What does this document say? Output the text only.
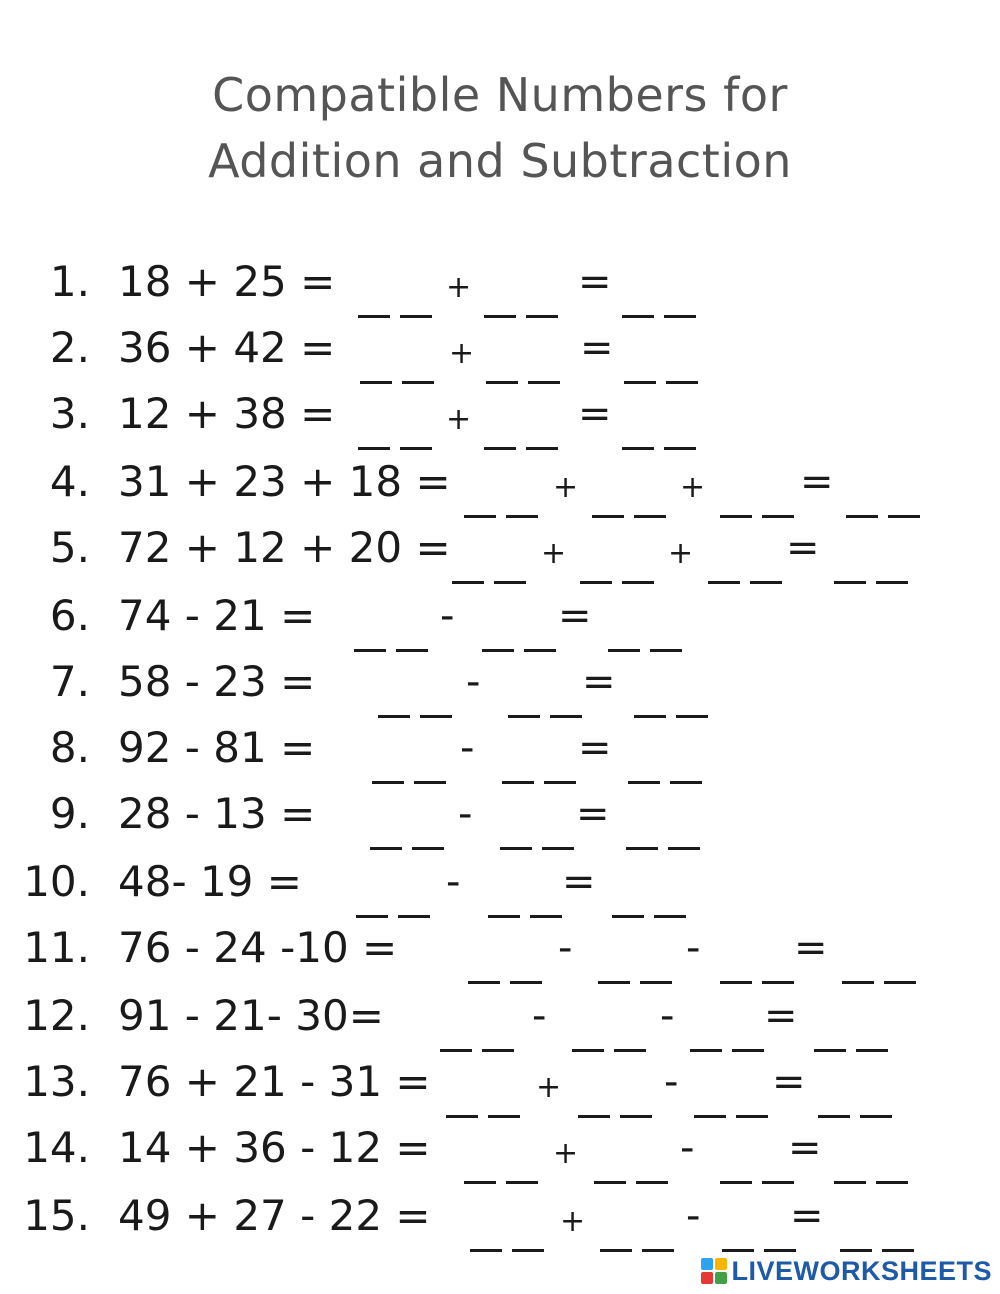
Compatible Numbers for
Addition and Subtraction
1. 18 + 25 =	+	=
2. 36 + 42 =	+	=
3. 12 + 38 =	+	=
4. 31 + 23 + 18 =	+	+ =
5. 72 + 12 + 20 =	+	+ =
6. 74 - 21 =	-	=
7. 58 - 23 =	-	=
8. 92 - 81 =	-	=
9. 28 - 13 =	-	=
10. 48- 19 =	-	=
11. 76 - 24 -10 =	-	- =
12. 91 - 21- 30=	-	- =
13. 76 + 21 - 31 =	+	- =
14. 14 + 36 - 12 =	+	- =
15. 49 + 27 - 22 =	+	- =
LIVEWORKSHEETS
